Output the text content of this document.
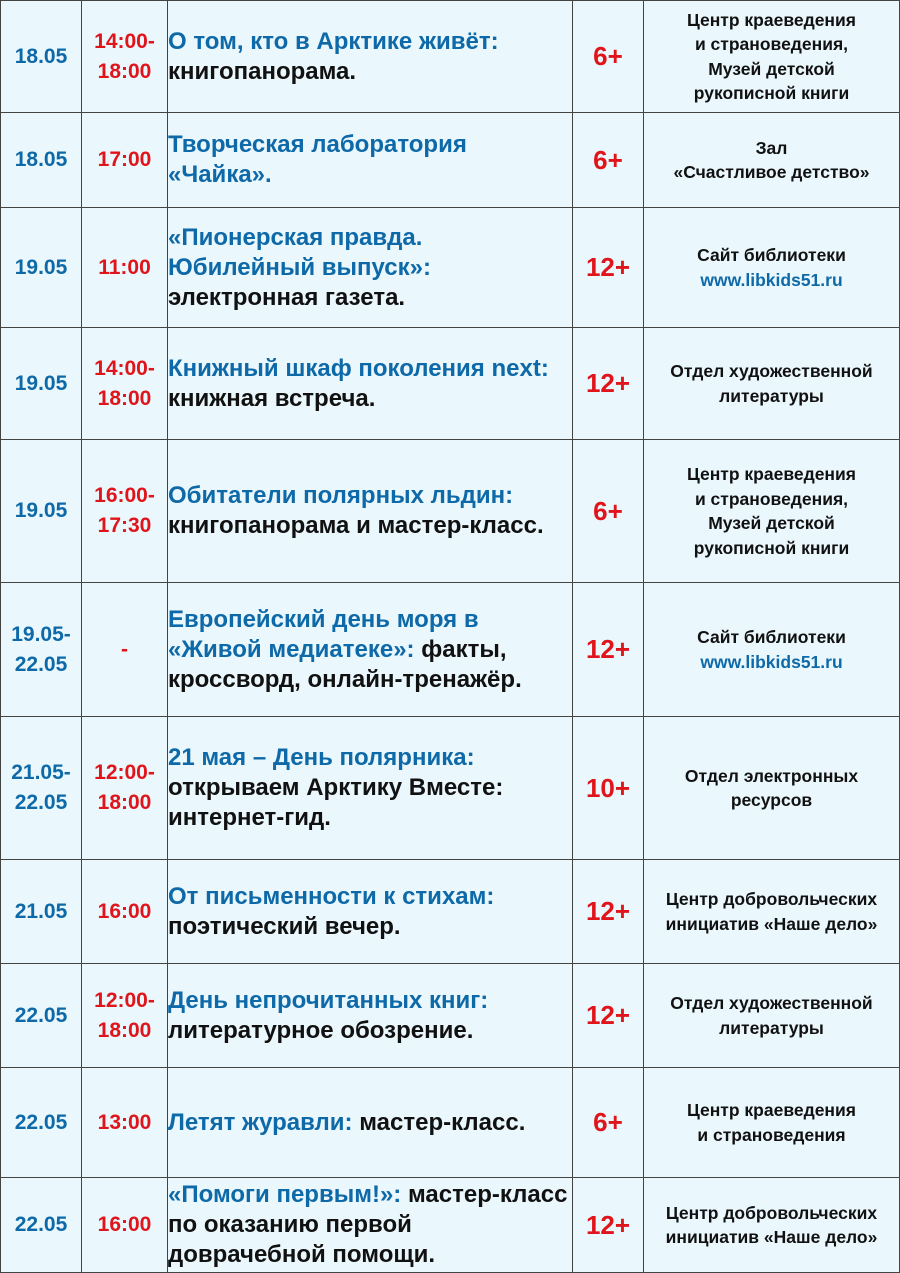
18.05	14:00-
18:00	О том, кто в Арктике живёт: книгопанорама.	6+	Центр краеведения
и страноведения,
Музей детской
рукописной книги

18.05	17:00	Творческая лаборатория «Чайка».	6+	Зал
«Счастливое детство»

19.05	11:00	«Пионерская правда. Юбилейный выпуск»: электронная газета.	12+	Сайт библиотеки
www.libkids51.ru

19.05	14:00-
18:00	Книжный шкаф поколения next: книжная встреча.	12+	Отдел художественной
литературы

19.05	16:00-
17:30	Обитатели полярных льдин: книгопанорама и мастер-класс.	6+	Центр краеведения
и страноведения,
Музей детской
рукописной книги

19.05-
22.05	-	Европейский день моря в «Живой медиатеке»: факты, кроссворд, онлайн-тренажёр.	12+	Сайт библиотеки
www.libkids51.ru

21.05-
22.05	12:00-
18:00	21 мая – День полярника: открываем Арктику Вместе: интернет-гид.	10+	Отдел электронных
ресурсов

21.05	16:00	От письменности к стихам: поэтический вечер.	12+	Центр добровольческих
инициатив «Наше дело»

22.05	12:00-
18:00	День непрочитанных книг: литературное обозрение.	12+	Отдел художественной
литературы

22.05	13:00	Летят журавли: мастер-класс.	6+	Центр краеведения
и страноведения

22.05	16:00	«Помоги первым!»: мастер-класс по оказанию первой доврачебной помощи.	12+	Центр добровольческих
инициатив «Наше дело»
